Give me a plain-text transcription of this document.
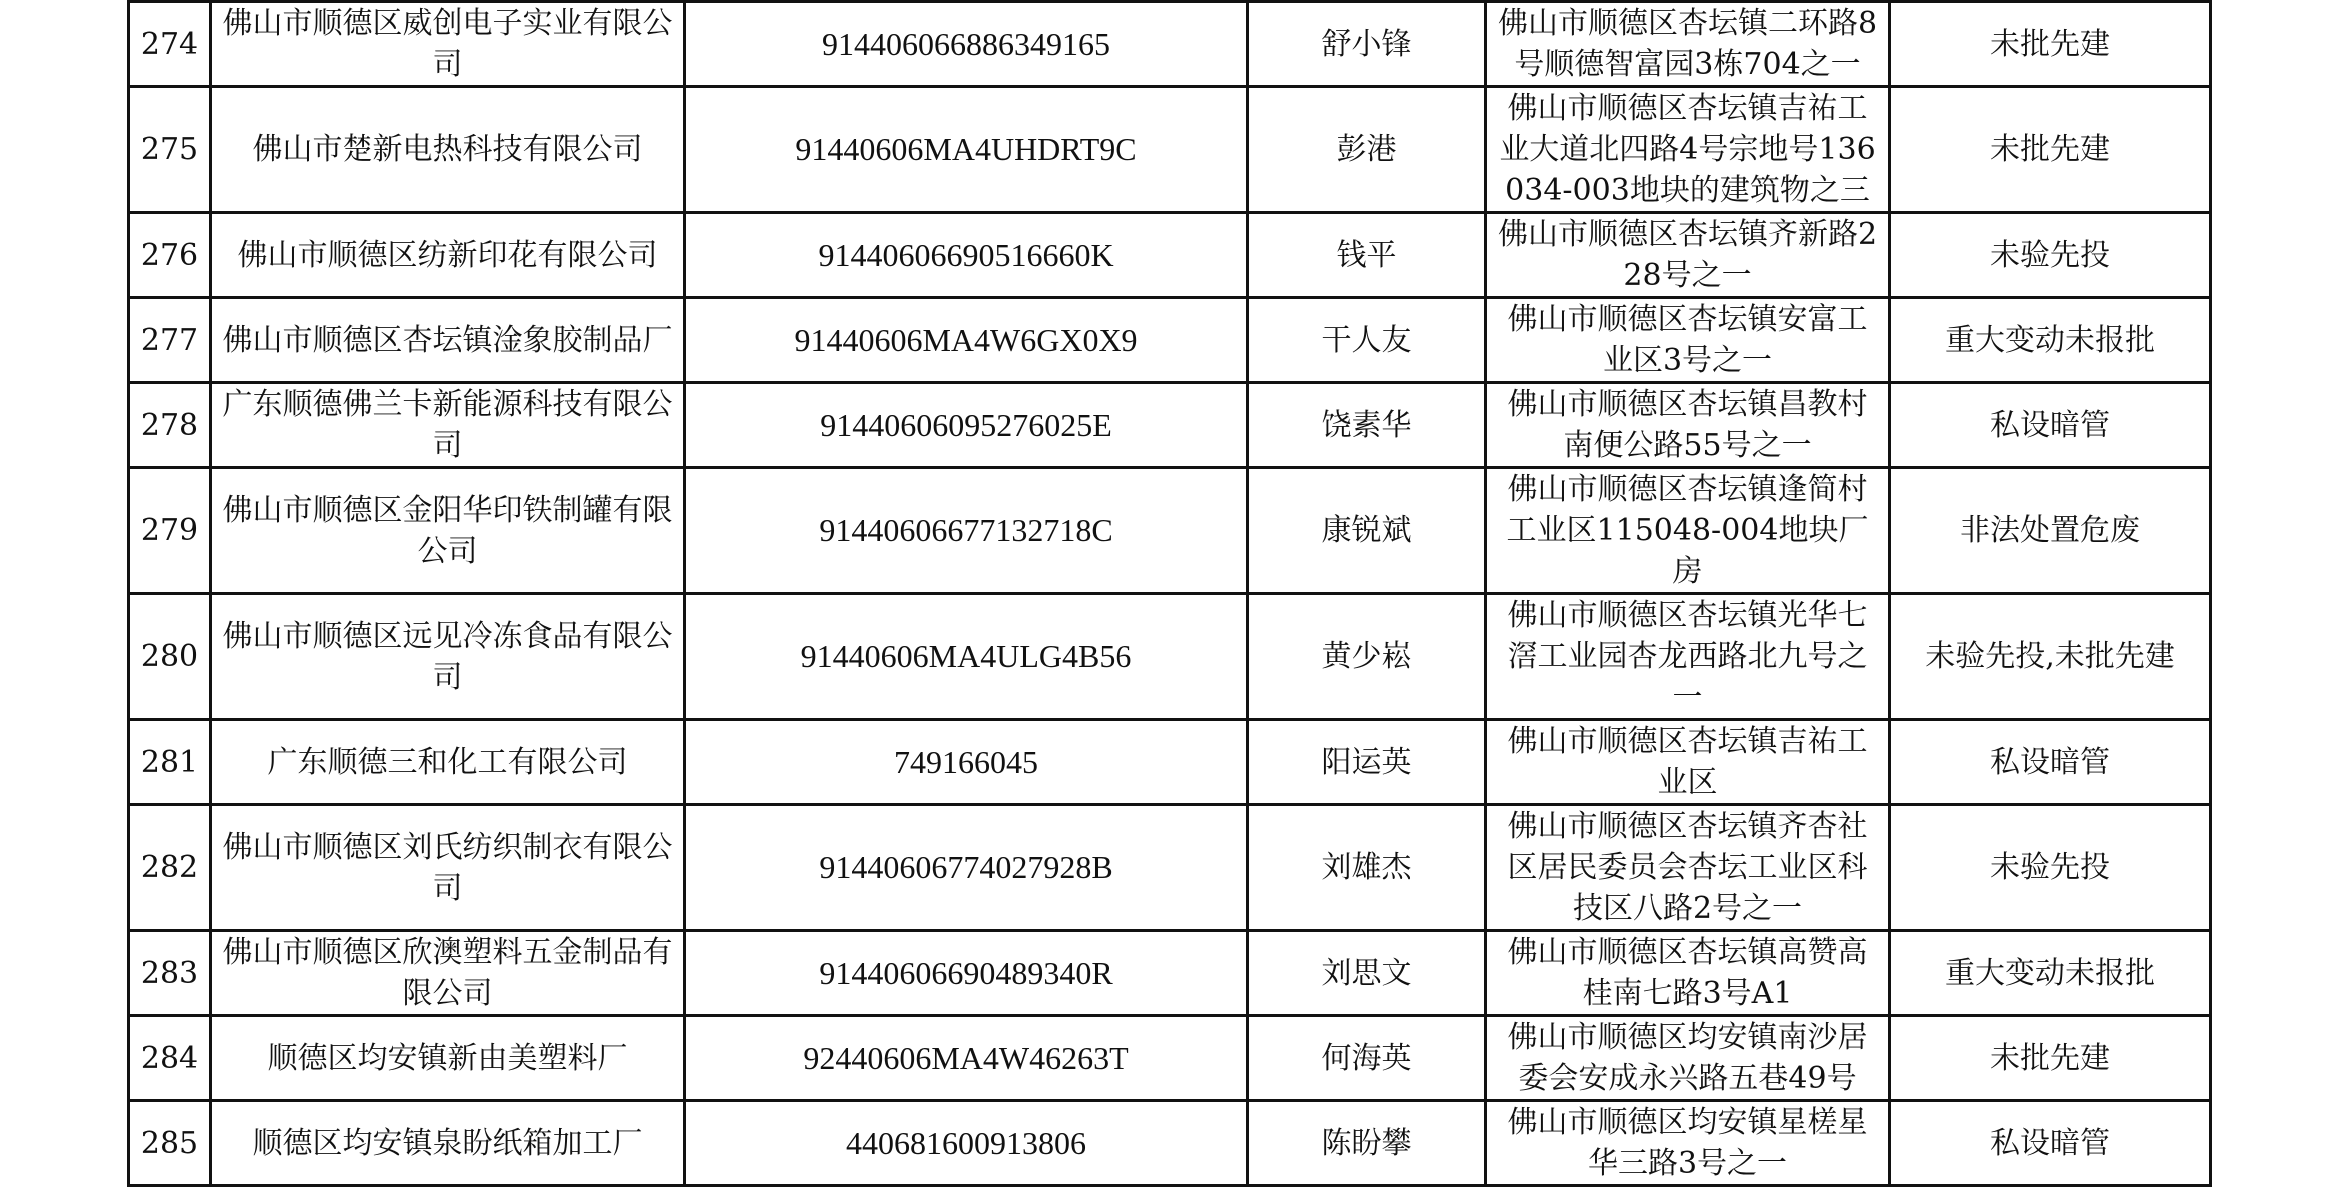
274	佛山市顺德区威创电子实业有限公司	914406066886349165	舒小锋	佛山市顺德区杏坛镇二环路8号顺德智富园3栋704之一	未批先建
275	佛山市楚新电热科技有限公司	91440606MA4UHDRT9C	彭港	佛山市顺德区杏坛镇吉祐工业大道北四路4号宗地号136034-003地块的建筑物之三	未批先建
276	佛山市顺德区纺新印花有限公司	91440606690516660K	钱平	佛山市顺德区杏坛镇齐新路228号之一	未验先投
277	佛山市顺德区杏坛镇淦象胶制品厂	91440606MA4W6GX0X9	干人友	佛山市顺德区杏坛镇安富工业区3号之一	重大变动未报批
278	广东顺德佛兰卡新能源科技有限公司	91440606095276025E	饶素华	佛山市顺德区杏坛镇昌教村南便公路55号之一	私设暗管
279	佛山市顺德区金阳华印铁制罐有限公司	91440606677132718C	康锐斌	佛山市顺德区杏坛镇逢简村工业区115048-004地块厂房	非法处置危废
280	佛山市顺德区远见冷冻食品有限公司	91440606MA4ULG4B56	黄少崧	佛山市顺德区杏坛镇光华七滘工业园杏龙西路北九号之一	未验先投,未批先建
281	广东顺德三和化工有限公司	749166045	阳运英	佛山市顺德区杏坛镇吉祐工业区	私设暗管
282	佛山市顺德区刘氏纺织制衣有限公司	91440606774027928B	刘雄杰	佛山市顺德区杏坛镇齐杏社区居民委员会杏坛工业区科技区八路2号之一	未验先投
283	佛山市顺德区欣澳塑料五金制品有限公司	91440606690489340R	刘思文	佛山市顺德区杏坛镇高赞高桂南七路3号A1	重大变动未报批
284	顺德区均安镇新由美塑料厂	92440606MA4W46263T	何海英	佛山市顺德区均安镇南沙居委会安成永兴路五巷49号	未批先建
285	顺德区均安镇泉盼纸箱加工厂	440681600913806	陈盼攀	佛山市顺德区均安镇星槎星华三路3号之一	私设暗管
